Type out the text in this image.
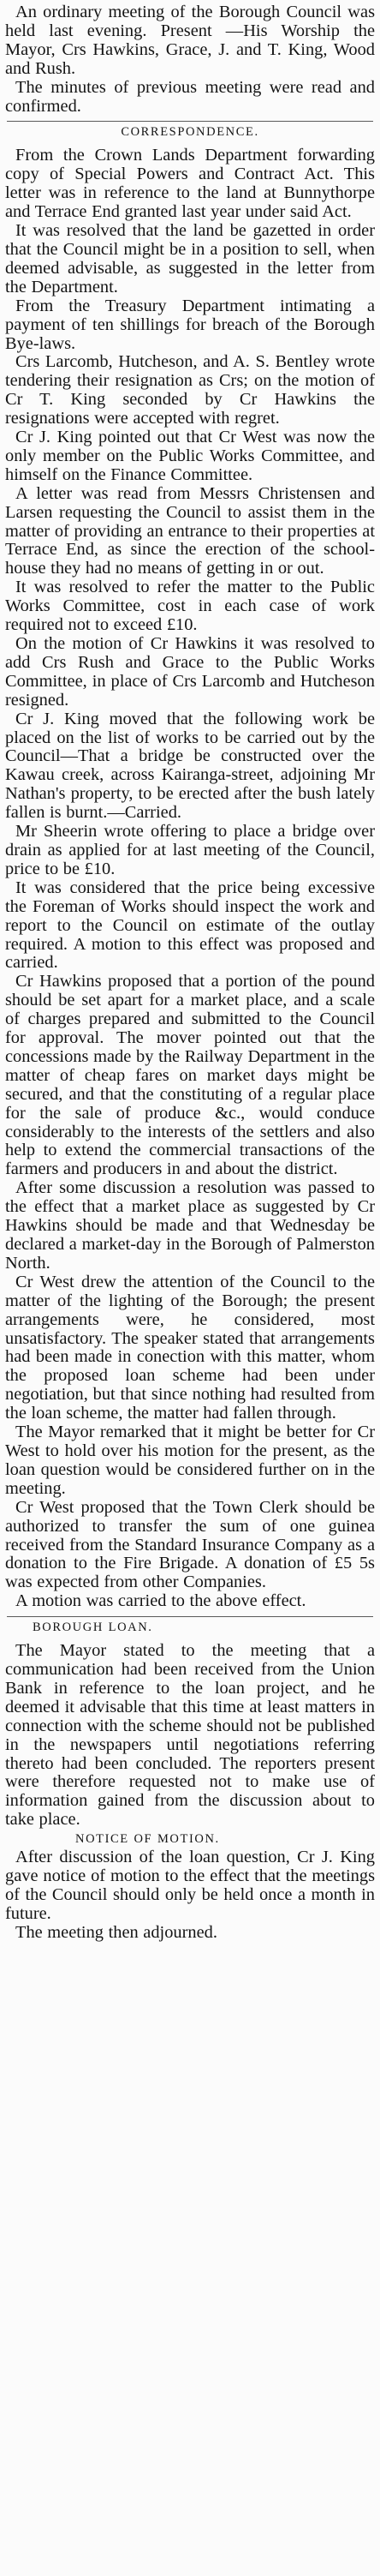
An ordinary meeting of the Borough Council was held last evening. Present —His Worship the Mayor, Crs Hawkins, Grace, J. and T. King, Wood and Rush.

The minutes of previous meeting were read and confirmed.

CORRESPONDENCE.

From the Crown Lands Department forwarding copy of Special Powers and Contract Act. This letter was in reference to the land at Bunnythorpe and Terrace End granted last year under said Act.

It was resolved that the land be gazetted in order that the Council might be in a position to sell, when deemed advisable, as suggested in the letter from the Department.

From the Treasury Department intimating a payment of ten shillings for breach of the Borough Bye-laws.

Crs Larcomb, Hutcheson, and A. S. Bentley wrote tendering their resignation as Crs; on the motion of Cr T. King seconded by Cr Hawkins the resignations were accepted with regret.

Cr J. King pointed out that Cr West was now the only member on the Public Works Committee, and himself on the Finance Committee.

A letter was read from Messrs Christensen and Larsen requesting the Council to assist them in the matter of providing an entrance to their properties at Terrace End, as since the erection of the school-house they had no means of getting in or out.

It was resolved to refer the matter to the Public Works Committee, cost in each case of work required not to exceed £10.

On the motion of Cr Hawkins it was resolved to add Crs Rush and Grace to the Public Works Committee, in place of Crs Larcomb and Hutcheson resigned.

Cr J. King moved that the following work be placed on the list of works to be carried out by the Council—That a bridge be constructed over the Kawau creek, across Kairanga-street, adjoining Mr Nathan's property, to be erected after the bush lately fallen is burnt.—Carried.

Mr Sheerin wrote offering to place a bridge over drain as applied for at last meeting of the Council, price to be £10.

It was considered that the price being excessive the Foreman of Works should inspect the work and report to the Council on estimate of the outlay required. A motion to this effect was proposed and carried.

Cr Hawkins proposed that a portion of the pound should be set apart for a market place, and a scale of charges prepared and submitted to the Council for approval. The mover pointed out that the concessions made by the Railway Department in the matter of cheap fares on market days might be secured, and that the constituting of a regular place for the sale of produce &c., would conduce considerably to the interests of the settlers and also help to extend the commercial transactions of the farmers and producers in and about the district.

After some discussion a resolution was passed to the effect that a market place as suggested by Cr Hawkins should be made and that Wednesday be declared a market-day in the Borough of Palmerston North.

Cr West drew the attention of the Council to the matter of the lighting of the Borough; the present arrangements were, he considered, most unsatisfactory. The speaker stated that arrangements had been made in conection with this matter, whom the proposed loan scheme had been under negotiation, but that since nothing had resulted from the loan scheme, the matter had fallen through.

The Mayor remarked that it might be better for Cr West to hold over his motion for the present, as the loan question would be considered further on in the meeting.

Cr West proposed that the Town Clerk should be authorized to transfer the sum of one guinea received from the Standard Insurance Company as a donation to the Fire Brigade. A donation of £5 5s was expected from other Companies.

A motion was carried to the above effect.

BOROUGH LOAN.

The Mayor stated to the meeting that a communication had been received from the Union Bank in reference to the loan project, and he deemed it advisable that this time at least matters in connection with the scheme should not be published in the newspapers until negotiations referring thereto had been concluded. The reporters present were therefore requested not to make use of information gained from the discussion about to take place.

NOTICE OF MOTION.

After discussion of the loan question, Cr J. King gave notice of motion to the effect that the meetings of the Council should only be held once a month in future.

The meeting then adjourned.
